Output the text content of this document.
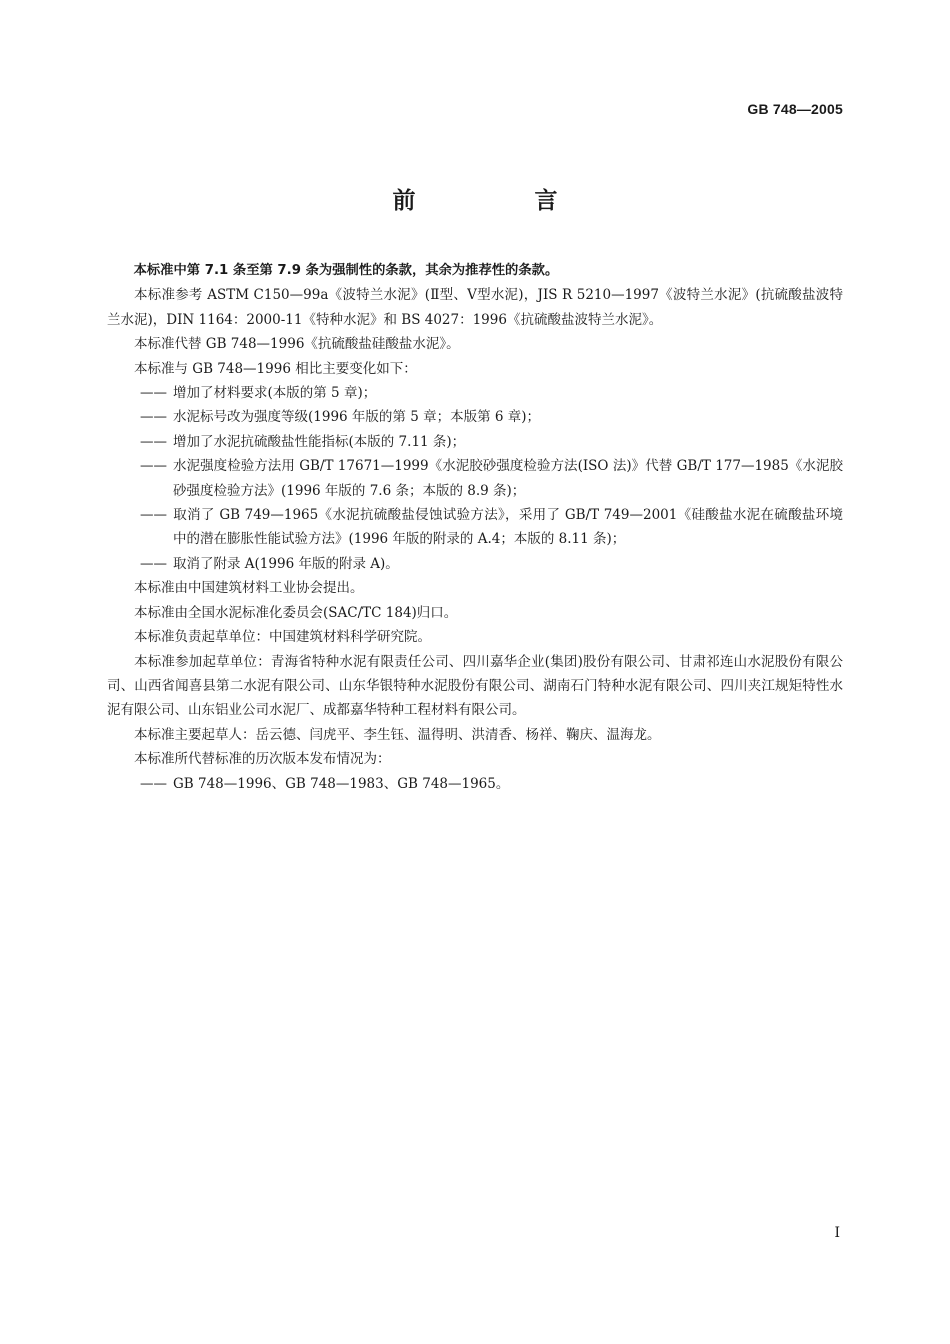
GB 748—2005
前　言

本标准中第 7.1 条至第 7.9 条为强制性的条款，其余为推荐性的条款。

本标准参考 ASTM C150—99a《波特兰水泥》(Ⅱ型、Ⅴ型水泥)，JIS R 5210—1997《波特兰水泥》(抗硫酸盐波特兰水泥)，DIN 1164：2000-11《特种水泥》和 BS 4027：1996《抗硫酸盐波特兰水泥》。

本标准代替 GB 748—1996《抗硫酸盐硅酸盐水泥》。

本标准与 GB 748—1996 相比主要变化如下：

—— 增加了材料要求(本版的第 5 章)；

—— 水泥标号改为强度等级(1996 年版的第 5 章；本版第 6 章)；

—— 增加了水泥抗硫酸盐性能指标(本版的 7.11 条)；

—— 水泥强度检验方法用 GB/T 17671—1999《水泥胶砂强度检验方法(ISO 法)》代替 GB/T 177—1985《水泥胶砂强度检验方法》(1996 年版的 7.6 条；本版的 8.9 条)；

—— 取消了 GB 749—1965《水泥抗硫酸盐侵蚀试验方法》，采用了 GB/T 749—2001《硅酸盐水泥在硫酸盐环境中的潜在膨胀性能试验方法》(1996 年版的附录的 A.4；本版的 8.11 条)；

—— 取消了附录 A(1996 年版的附录 A)。

本标准由中国建筑材料工业协会提出。

本标准由全国水泥标准化委员会(SAC/TC 184)归口。

本标准负责起草单位：中国建筑材料科学研究院。

本标准参加起草单位：青海省特种水泥有限责任公司、四川嘉华企业(集团)股份有限公司、甘肃祁连山水泥股份有限公司、山西省闻喜县第二水泥有限公司、山东华银特种水泥股份有限公司、湖南石门特种水泥有限公司、四川夹江规矩特性水泥有限公司、山东铝业公司水泥厂、成都嘉华特种工程材料有限公司。

本标准主要起草人：岳云德、闫虎平、李生钰、温得明、洪清香、杨祥、鞠庆、温海龙。

本标准所代替标准的历次版本发布情况为：

—— GB 748—1996、GB 748—1983、GB 748—1965。

Ⅰ
